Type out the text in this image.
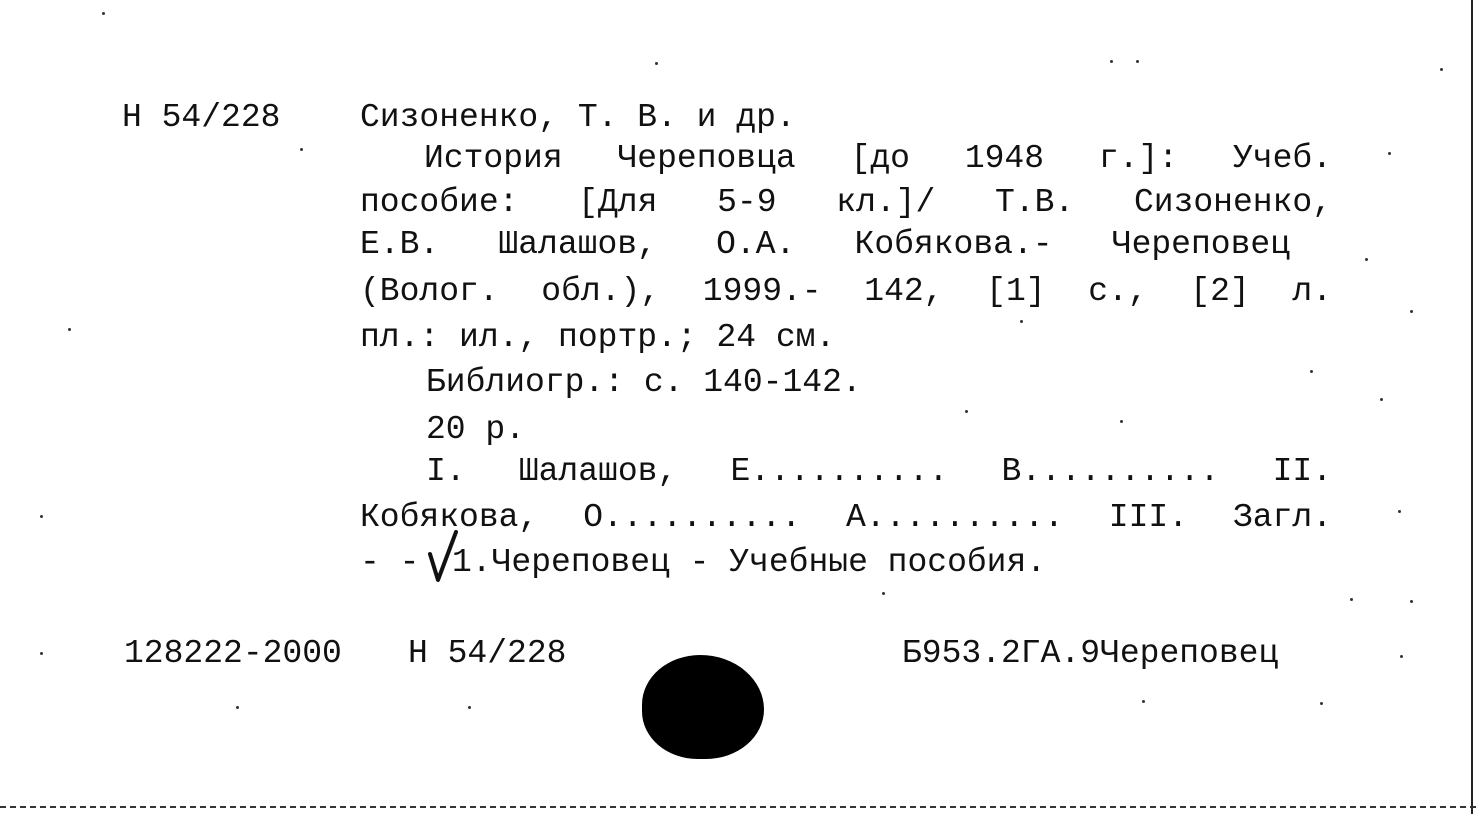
Н 54/228 Сизоненко, Т. В. и др.
История Череповца [до 1948 г.]: Учеб.
пособие: [Для 5-9 кл.]/ Т.В. Сизоненко,
Е.В. Шалашов, О.А. Кобякова.- Череповец
(Волог. обл.), 1999.- 142, [1] с., [2] л.
пл.: ил., портр.; 24 см.
Библиогр.: с. 140-142.
20 р.
I. Шалашов, Е.......... В.......... II.
Кобякова, О.......... А.......... III. Загл.
- - 1.Череповец - Учебные пособия.
128222-2000 Н 54/228	Б953.2ГА.9Череповец
